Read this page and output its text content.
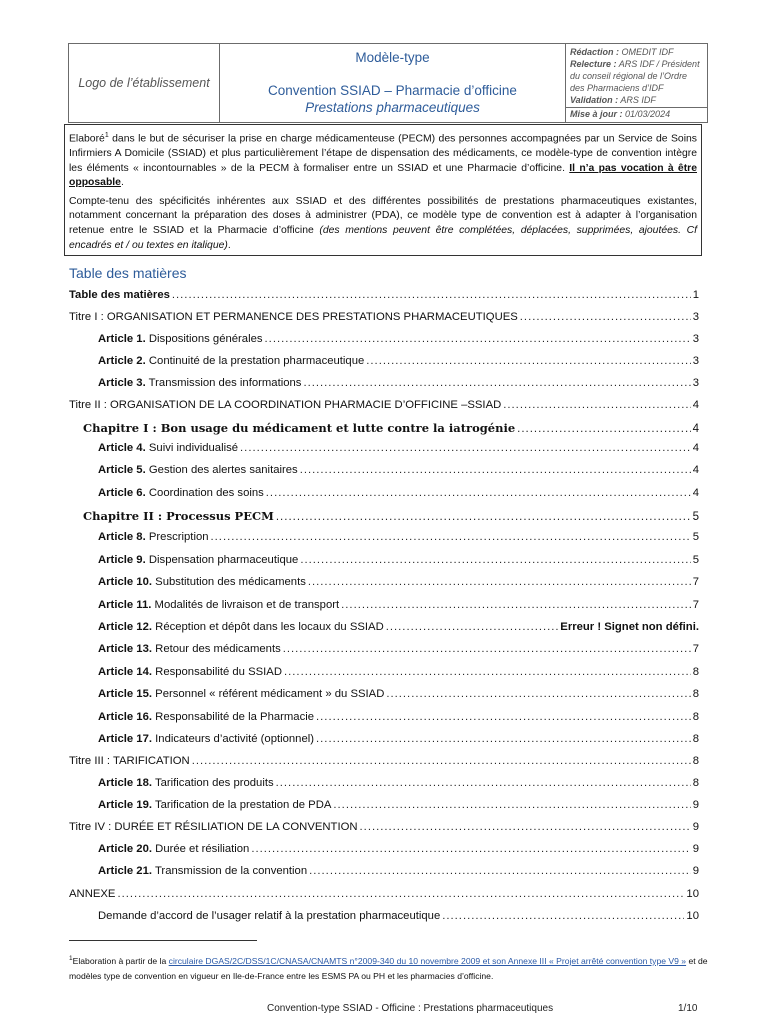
Logo de l’établissement	
Modèle-type
Convention SSIAD – Pharmacie d’officine
Prestations pharmaceutiques

Rédaction : OMEDIT IDF
Relecture : ARS IDF / Président du conseil régional de l’Ordre des Pharmaciens d’IDF
Validation : ARS IDF
Mise à jour : 01/03/2024

Elaboré$^1$ dans le but de sécuriser la prise en charge médicamenteuse (PECM) des personnes accompagnées par un Service de Soins Infirmiers A Domicile (SSIAD) et plus particulièrement l’étape de dispensation des médicaments, ce modèle-type de convention intègre les éléments « incontournables » de la PECM à formaliser entre un SSIAD et une Pharmacie d’officine. Il n’a pas vocation à être opposable.

Compte-tenu des spécificités inhérentes aux SSIAD et des différentes possibilités de prestations pharmaceutiques existantes, notamment concernant la préparation des doses à administrer (PDA), ce modèle type de convention est à adapter à l’organisation retenue entre le SSIAD et la Pharmacie d’officine (des mentions peuvent être complétées, déplacées, supprimées, ajoutées. Cf encadrés et / ou textes en italique).

Table des matières
Table des matières .....	1
Titre I : ORGANISATION ET PERMANENCE DES PRESTATIONS PHARMACEUTIQUES .....	3
Article 1. Dispositions générales .....	3
Article 2. Continuité de la prestation pharmaceutique .....	3
Article 3. Transmission des informations .....	3
Titre II : ORGANISATION DE LA COORDINATION PHARMACIE D’OFFICINE –SSIAD .....	4
Chapitre I : Bon usage du médicament et lutte contre la iatrogénie .....	4
Article 4. Suivi individualisé .....	4
Article 5. Gestion des alertes sanitaires .....	4
Article 6. Coordination des soins .....	4
Chapitre II : Processus PECM .....	5
Article 8. Prescription .....	5
Article 9. Dispensation pharmaceutique .....	5
Article 10. Substitution des médicaments .....	7
Article 11. Modalités de livraison et de transport .....	7
Article 12. Réception et dépôt dans les locaux du SSIAD .....	Erreur ! Signet non défini.
Article 13. Retour des médicaments .....	7
Article 14. Responsabilité du SSIAD .....	8
Article 15. Personnel « référent médicament » du SSIAD .....	8
Article 16. Responsabilité de la Pharmacie .....	8
Article 17. Indicateurs d’activité (optionnel) .....	8
Titre III : TARIFICATION .....	8
Article 18. Tarification des produits .....	8
Article 19. Tarification de la prestation de PDA .....	9
Titre IV : DURÉE ET RÉSILIATION DE LA CONVENTION .....	9
Article 20. Durée et résiliation .....	9
Article 21. Transmission de la convention .....	9
ANNEXE .....	10
Demande d’accord de l’usager relatif à la prestation pharmaceutique .....	10
$^1$Elaboration à partir de la circulaire DGAS/2C/DSS/1C/CNASA/CNAMTS n°2009-340 du 10 novembre 2009 et son Annexe III « Projet arrêté convention type V9 » et de modèles type de convention en vigueur en Ile-de-France entre les ESMS PA ou PH et les pharmacies d’officine.
Convention-type SSIAD - Officine : Prestations pharmaceutiques	1/10
